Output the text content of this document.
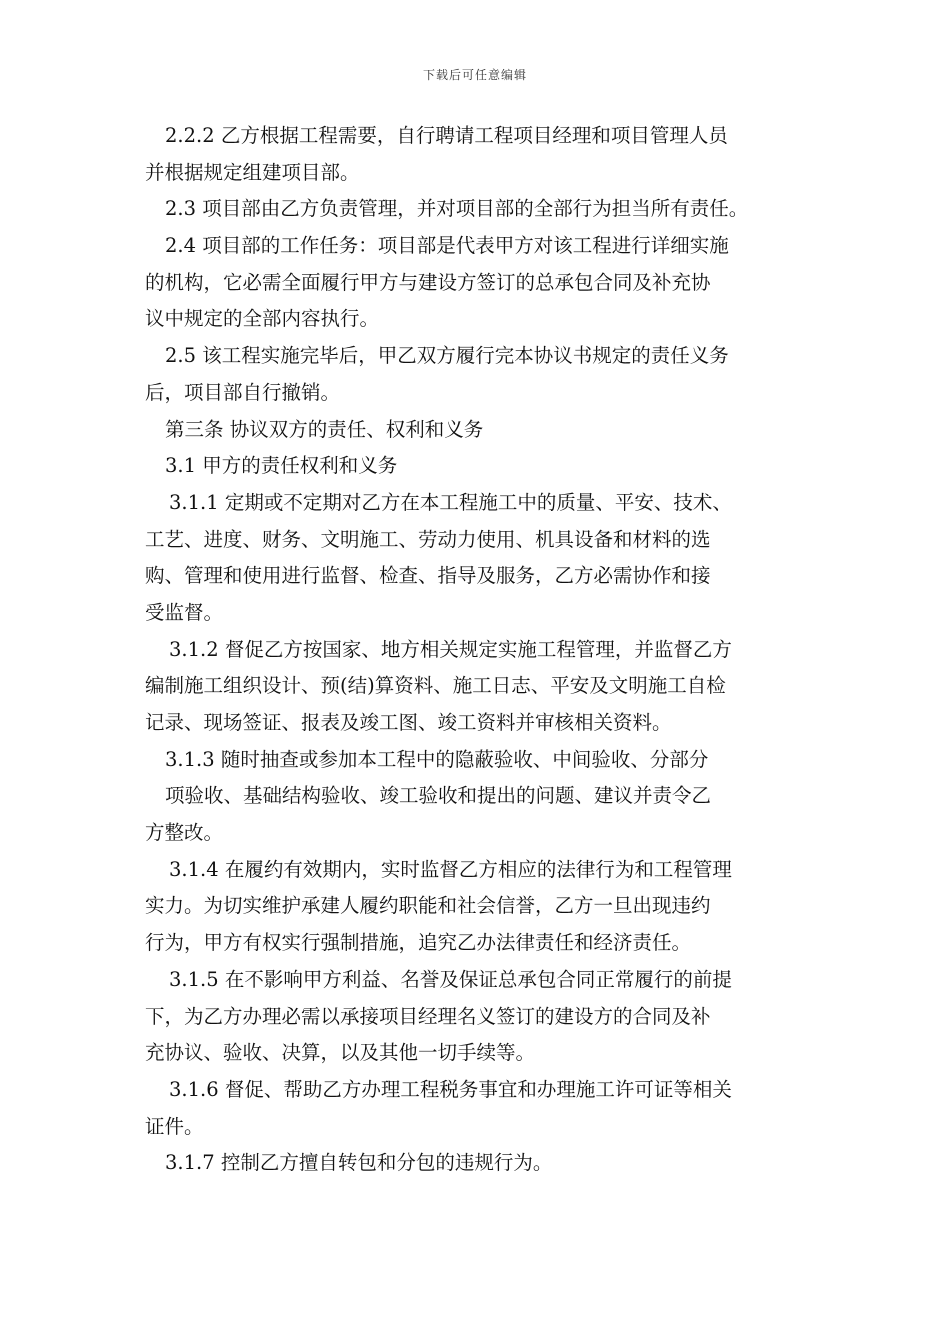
下载后可任意编辑

2.2.2 乙方根据工程需要，自行聘请工程项目经理和项目管理人员
并根据规定组建项目部。

2.3 项目部由乙方负责管理，并对项目部的全部行为担当所有责任。

2.4 项目部的工作任务：项目部是代表甲方对该工程进行详细实施
的机构，它必需全面履行甲方与建设方签订的总承包合同及补充协
议中规定的全部内容执行。

2.5 该工程实施完毕后，甲乙双方履行完本协议书规定的责任义务
后，项目部自行撤销。

第三条 协议双方的责任、权利和义务

3.1 甲方的责任权利和义务

3.1.1 定期或不定期对乙方在本工程施工中的质量、平安、技术、
工艺、进度、财务、文明施工、劳动力使用、机具设备和材料的选
购、管理和使用进行监督、检查、指导及服务，乙方必需协作和接
受监督。

3.1.2 督促乙方按国家、地方相关规定实施工程管理，并监督乙方
编制施工组织设计、预(结)算资料、施工日志、平安及文明施工自检
记录、现场签证、报表及竣工图、竣工资料并审核相关资料。

3.1.3 随时抽查或参加本工程中的隐蔽验收、中间验收、分部分
项验收、基础结构验收、竣工验收和提出的问题、建议并责令乙
方整改。

3.1.4 在履约有效期内，实时监督乙方相应的法律行为和工程管理
实力。为切实维护承建人履约职能和社会信誉，乙方一旦出现违约
行为，甲方有权实行强制措施，追究乙办法律责任和经济责任。

3.1.5 在不影响甲方利益、名誉及保证总承包合同正常履行的前提
下，为乙方办理必需以承接项目经理名义签订的建设方的合同及补
充协议、验收、决算，以及其他一切手续等。

3.1.6 督促、帮助乙方办理工程税务事宜和办理施工许可证等相关
证件。

3.1.7 控制乙方擅自转包和分包的违规行为。
